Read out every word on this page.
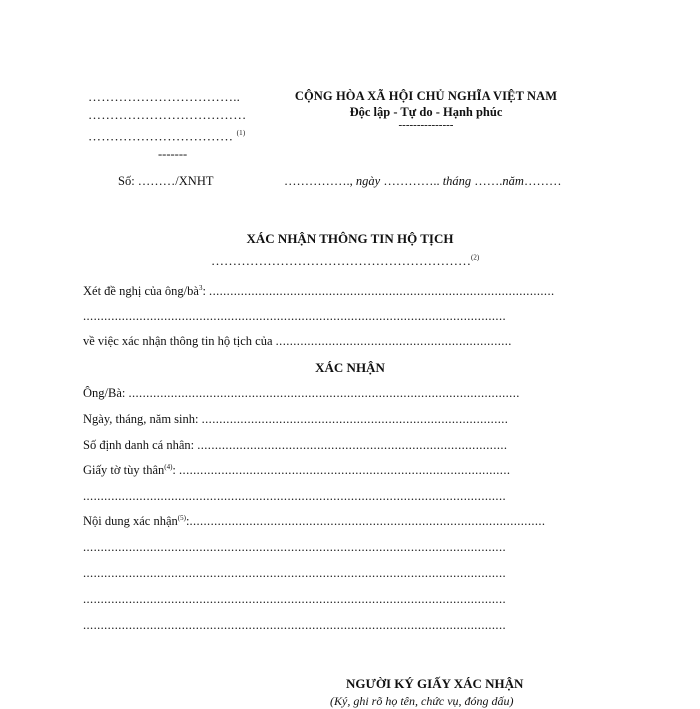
……………………………..
………………………………
…………………………… $^{(1)}$
-------
CỘNG HÒA XÃ HỘI CHỦ NGHĨA VIỆT NAM
Độc lập - Tự do - Hạnh phúc
---------------
Số: ………/XNHT	……………., ngày ………….. tháng …….năm………
XÁC NHẬN THÔNG TIN HỘ TỊCH
……………………………………………………$^{(2)}$
Xét đề nghị của ông/$bà^3$: ..................................................................................................
........................................................................................................................
về việc xác nhận thông tin hộ tịch của ...................................................................
XÁC NHẬN
Ông/Bà: ...............................................................................................................
Ngày, tháng, năm sinh: .......................................................................................
Số định danh cá nhân: ........................................................................................
Giấy tờ tùy thân$^{(4)}$: ..............................................................................................
........................................................................................................................
Nội dung xác nhận$^{(5)}$:.....................................................................................................
........................................................................................................................
........................................................................................................................
........................................................................................................................
........................................................................................................................
NGƯỜI KÝ GIẤY XÁC NHẬN
(Ký, ghi rõ họ tên, chức vụ, đóng dấu)
